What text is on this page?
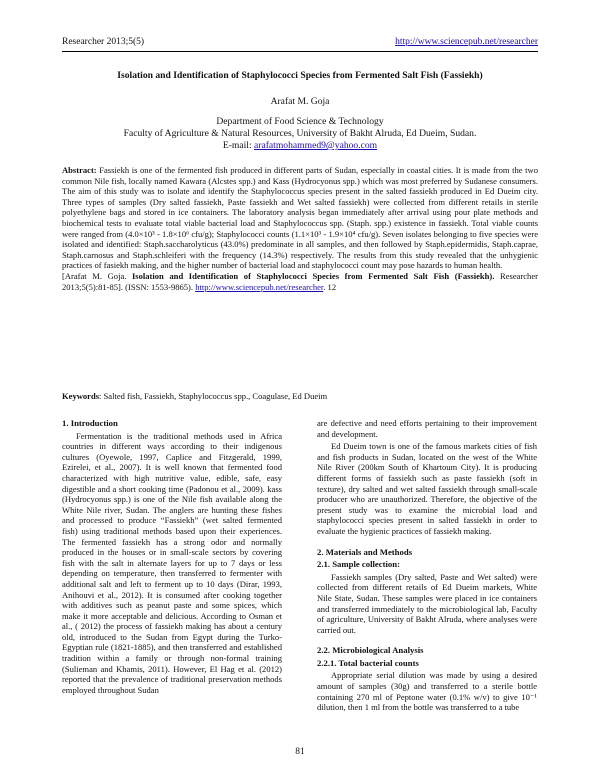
Researcher 2013;5(5)	http://www.sciencepub.net/researcher
Isolation and Identification of Staphylococci Species from Fermented Salt Fish (Fassiekh)
Arafat M. Goja
Department of Food Science & Technology
Faculty of Agriculture & Natural Resources, University of Bakht Alruda, Ed Dueim, Sudan.
E-mail: arafatmohammed9@yahoo.com
Abstract: Fassiekh is one of the fermented fish produced in different parts of Sudan, especially in coastal cities. It is made from the two common Nile fish, locally named Kawara (Alcstes spp.) and Kass (Hydrocyonus spp.) which was most preferred by Sudanese consumers. The aim of this study was to isolate and identify the Staphylococcus species present in the salted fassiekh produced in Ed Dueim city. Three types of samples (Dry salted fassiekh, Paste fassiekh and Wet salted fassiekh) were collected from different retails in sterile polyethylene bags and stored in ice containers. The laboratory analysis began immediately after arrival using pour plate methods and biochemical tests to evaluate total viable bacterial load and Staphylococcus spp. (Staph. spp.) existence in fassiekh. Total viable counts were ranged from (4.0×10³ - 1.8×10⁶ cfu/g); Staphylococci counts (1.1×10³ - 1.9×10⁴ cfu/g). Seven isolates belonging to five species were isolated and identified: Staph.saccharolyticus (43.0%) predominate in all samples, and then followed by Staph.epidermidis, Staph.caprae, Staph.carnosus and Staph.schleiferi with the frequency (14.3%) respectively. The results from this study revealed that the unhygienic practices of fasiekh making, and the higher number of bacterial load and staphylococci count may pose hazards to human health.
[Arafat M. Goja. Isolation and Identification of Staphylococci Species from Fermented Salt Fish (Fassiekh). Researcher 2013;5(5):81-85]. (ISSN: 1553-9865). http://www.sciencepub.net/researcher. 12
Keywords: Salted fish, Fassiekh, Staphylococcus spp., Coagulase, Ed Dueim
1. Introduction

Fermentation is the traditional methods used in Africa countries in different ways according to their indigenous cultures (Oyewole, 1997, Caplice and Fitzgerald, 1999, Ezirelei, et al., 2007). It is well known that fermented food characterized with high nutritive value, edible, safe, easy digestible and a short cooking time (Padonou et al., 2009). kass (Hydrocyonus spp.) is one of the Nile fish available along the White Nile river, Sudan. The anglers are hunting these fishes and processed to produce “Fassiekh” (wet salted fermented fish) using traditional methods based upon their experiences. The fermented fassiekh has a strong odor and normally produced in the houses or in small-scale sectors by covering fish with the salt in alternate layers for up to 7 days or less depending on temperature, then transferred to fermenter with additional salt and left to ferment up to 10 days (Dirar, 1993, Anihouvi et al., 2012). It is consumed after cooking together with additives such as peanut paste and some spices, which make it more acceptable and delicious. According to Osman et al., ( 2012) the process of fassiekh making has about a century old, introduced to the Sudan from Egypt during the Turko-Egyptian rule (1821-1885), and then transferred and established tradition within a family or through non-formal training (Sulieman and Khamis, 2011). However, El Hag et al. (2012) reported that the prevalence of traditional preservation methods employed throughout Sudan

are defective and need efforts pertaining to their improvement and development.

Ed Dueim town is one of the famous markets cities of fish and fish products in Sudan, located on the west of the White Nile River (200km South of Khartoum City). It is producing different forms of fassiekh such as paste fassiekh (soft in texture), dry salted and wet salted fassiekh through small-scale producer who are unauthorized. Therefore, the objective of the present study was to examine the microbial load and staphylococci species present in salted fassiekh in order to evaluate the hygienic practices of fassiekh making.

2. Materials and Methods
2.1. Sample collection:

Fassiekh samples (Dry salted, Paste and Wet salted) were collected from different retails of Ed Dueim markets, White Nile State, Sudan. These samples were placed in ice containers and transferred immediately to the microbiological lab, Faculty of agriculture, University of Bakht Alruda, where analyses were carried out.

2.2. Microbiological Analysis
2.2.1. Total bacterial counts

Appropriate serial dilution was made by using a desired amount of samples (30g) and transferred to a sterile bottle containing 270 ml of Peptone water (0.1% w/v) to give 10⁻¹ dilution, then 1 ml from the bottle was transferred to a tube

81
